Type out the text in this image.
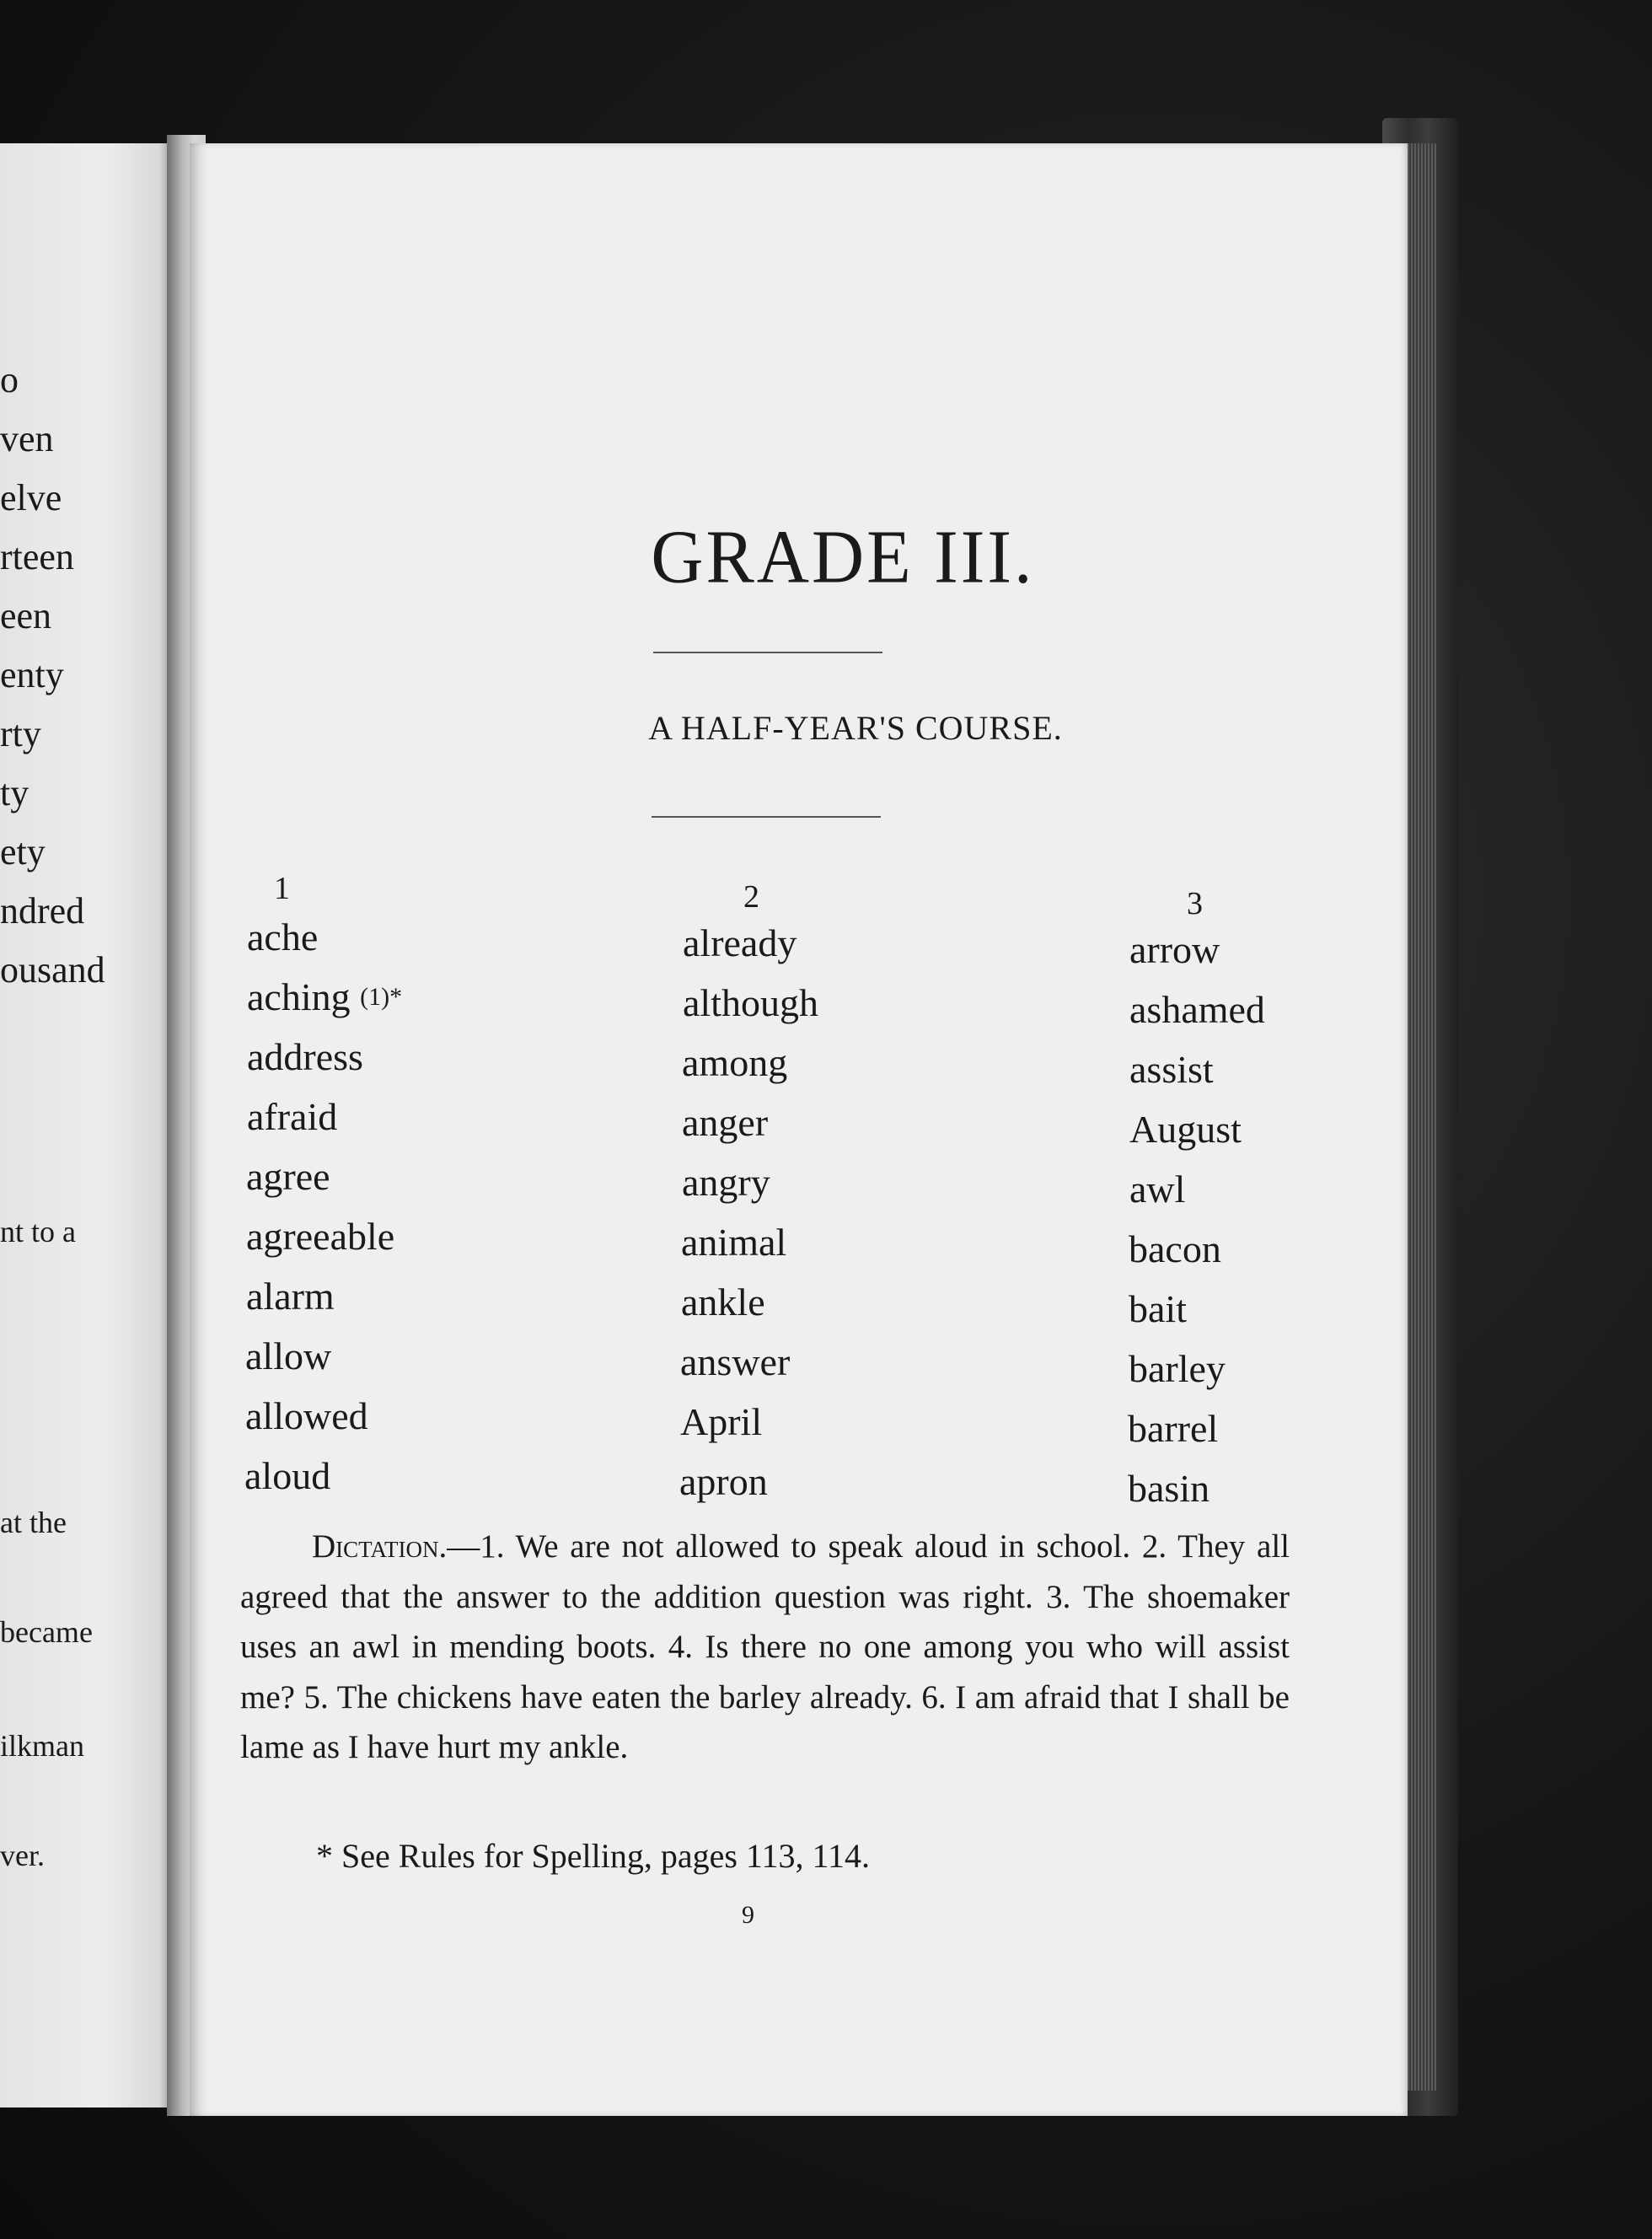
o
ven
elve
rteen
een
enty
rty
ty
ety
ndred
ousand
nt to a
at the
became
ilkman
ver.
GRADE III.
A HALF-YEAR'S COURSE.
1	2	3
ache
aching $^{(1)*}$
address
afraid
agree
agreeable
alarm
allow
allowed
aloud
already
although
among
anger
angry
animal
ankle
answer
April
apron
arrow
ashamed
assist
August
awl
bacon
bait
barley
barrel
basin
Dictation.—1. We are not allowed to speak aloud in school. 2. They all agreed that the answer to the addition question was right. 3. The shoemaker uses an awl in mending boots. 4. Is there no one among you who will assist me? 5. The chickens have eaten the barley already. 6. I am afraid that I shall be lame as I have hurt my ankle.
* See Rules for Spelling, pages 113, 114.
9
